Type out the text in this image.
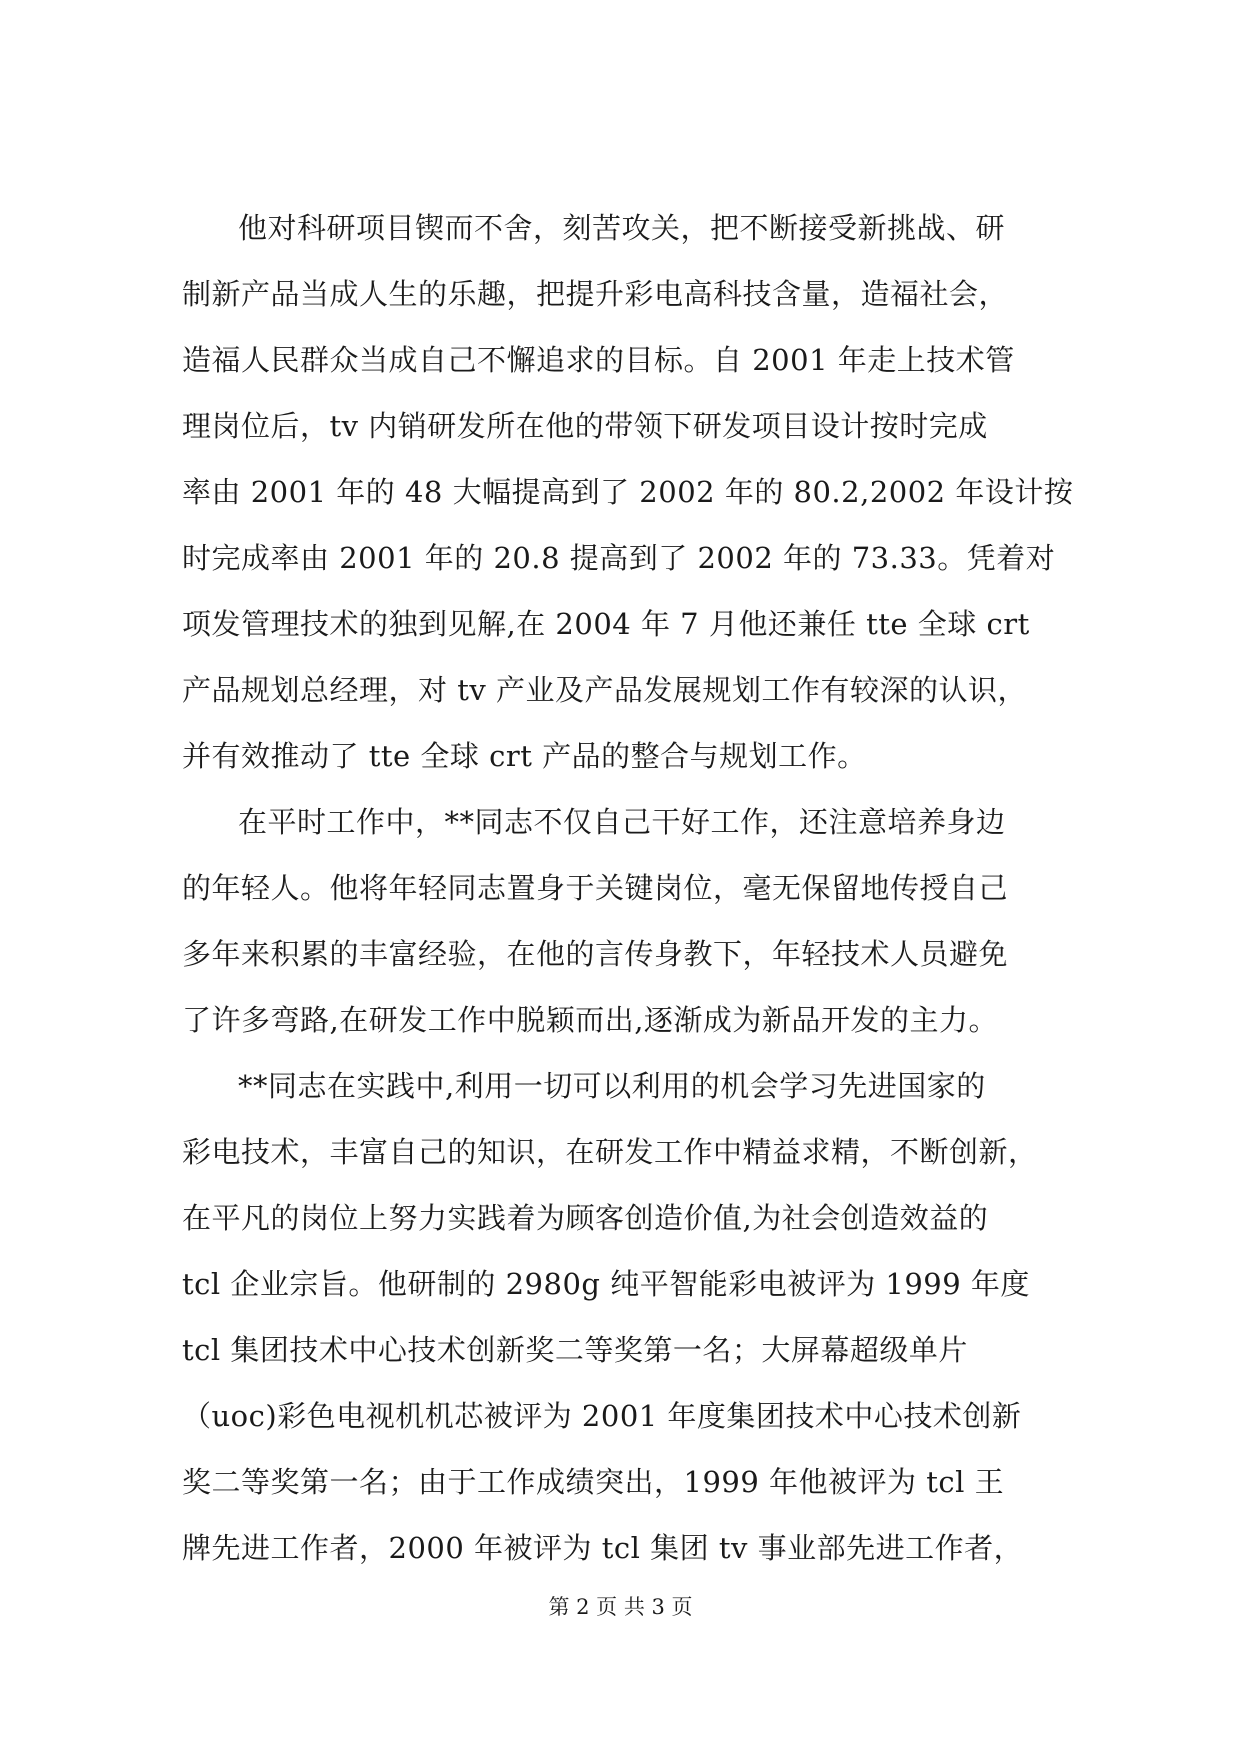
他对科研项目锲而不舍，刻苦攻关，把不断接受新挑战、研
制新产品当成人生的乐趣，把提升彩电高科技含量，造福社会，
造福人民群众当成自己不懈追求的目标。自 2001 年走上技术管
理岗位后，tv 内销研发所在他的带领下研发项目设计按时完成
率由 2001 年的 48 大幅提高到了 2002 年的 80.2,2002 年设计按
时完成率由 2001 年的 20.8 提高到了 2002 年的 73.33。凭着对
项发管理技术的独到见解,在 2004 年 7 月他还兼任 tte 全球 crt
产品规划总经理，对 tv 产业及产品发展规划工作有较深的认识，
并有效推动了 tte 全球 crt 产品的整合与规划工作。
在平时工作中，**同志不仅自己干好工作，还注意培养身边
的年轻人。他将年轻同志置身于关键岗位，毫无保留地传授自己
多年来积累的丰富经验，在他的言传身教下，年轻技术人员避免
了许多弯路,在研发工作中脱颖而出,逐渐成为新品开发的主力。
**同志在实践中,利用一切可以利用的机会学习先进国家的
彩电技术，丰富自己的知识，在研发工作中精益求精，不断创新，
在平凡的岗位上努力实践着为顾客创造价值,为社会创造效益的
tcl 企业宗旨。他研制的 2980g 纯平智能彩电被评为 1999 年度
tcl 集团技术中心技术创新奖二等奖第一名；大屏幕超级单片
（uoc)彩色电视机机芯被评为 2001 年度集团技术中心技术创新
奖二等奖第一名；由于工作成绩突出，1999 年他被评为 tcl 王
牌先进工作者，2000 年被评为 tcl 集团 tv 事业部先进工作者，
第 2 页 共 3 页
